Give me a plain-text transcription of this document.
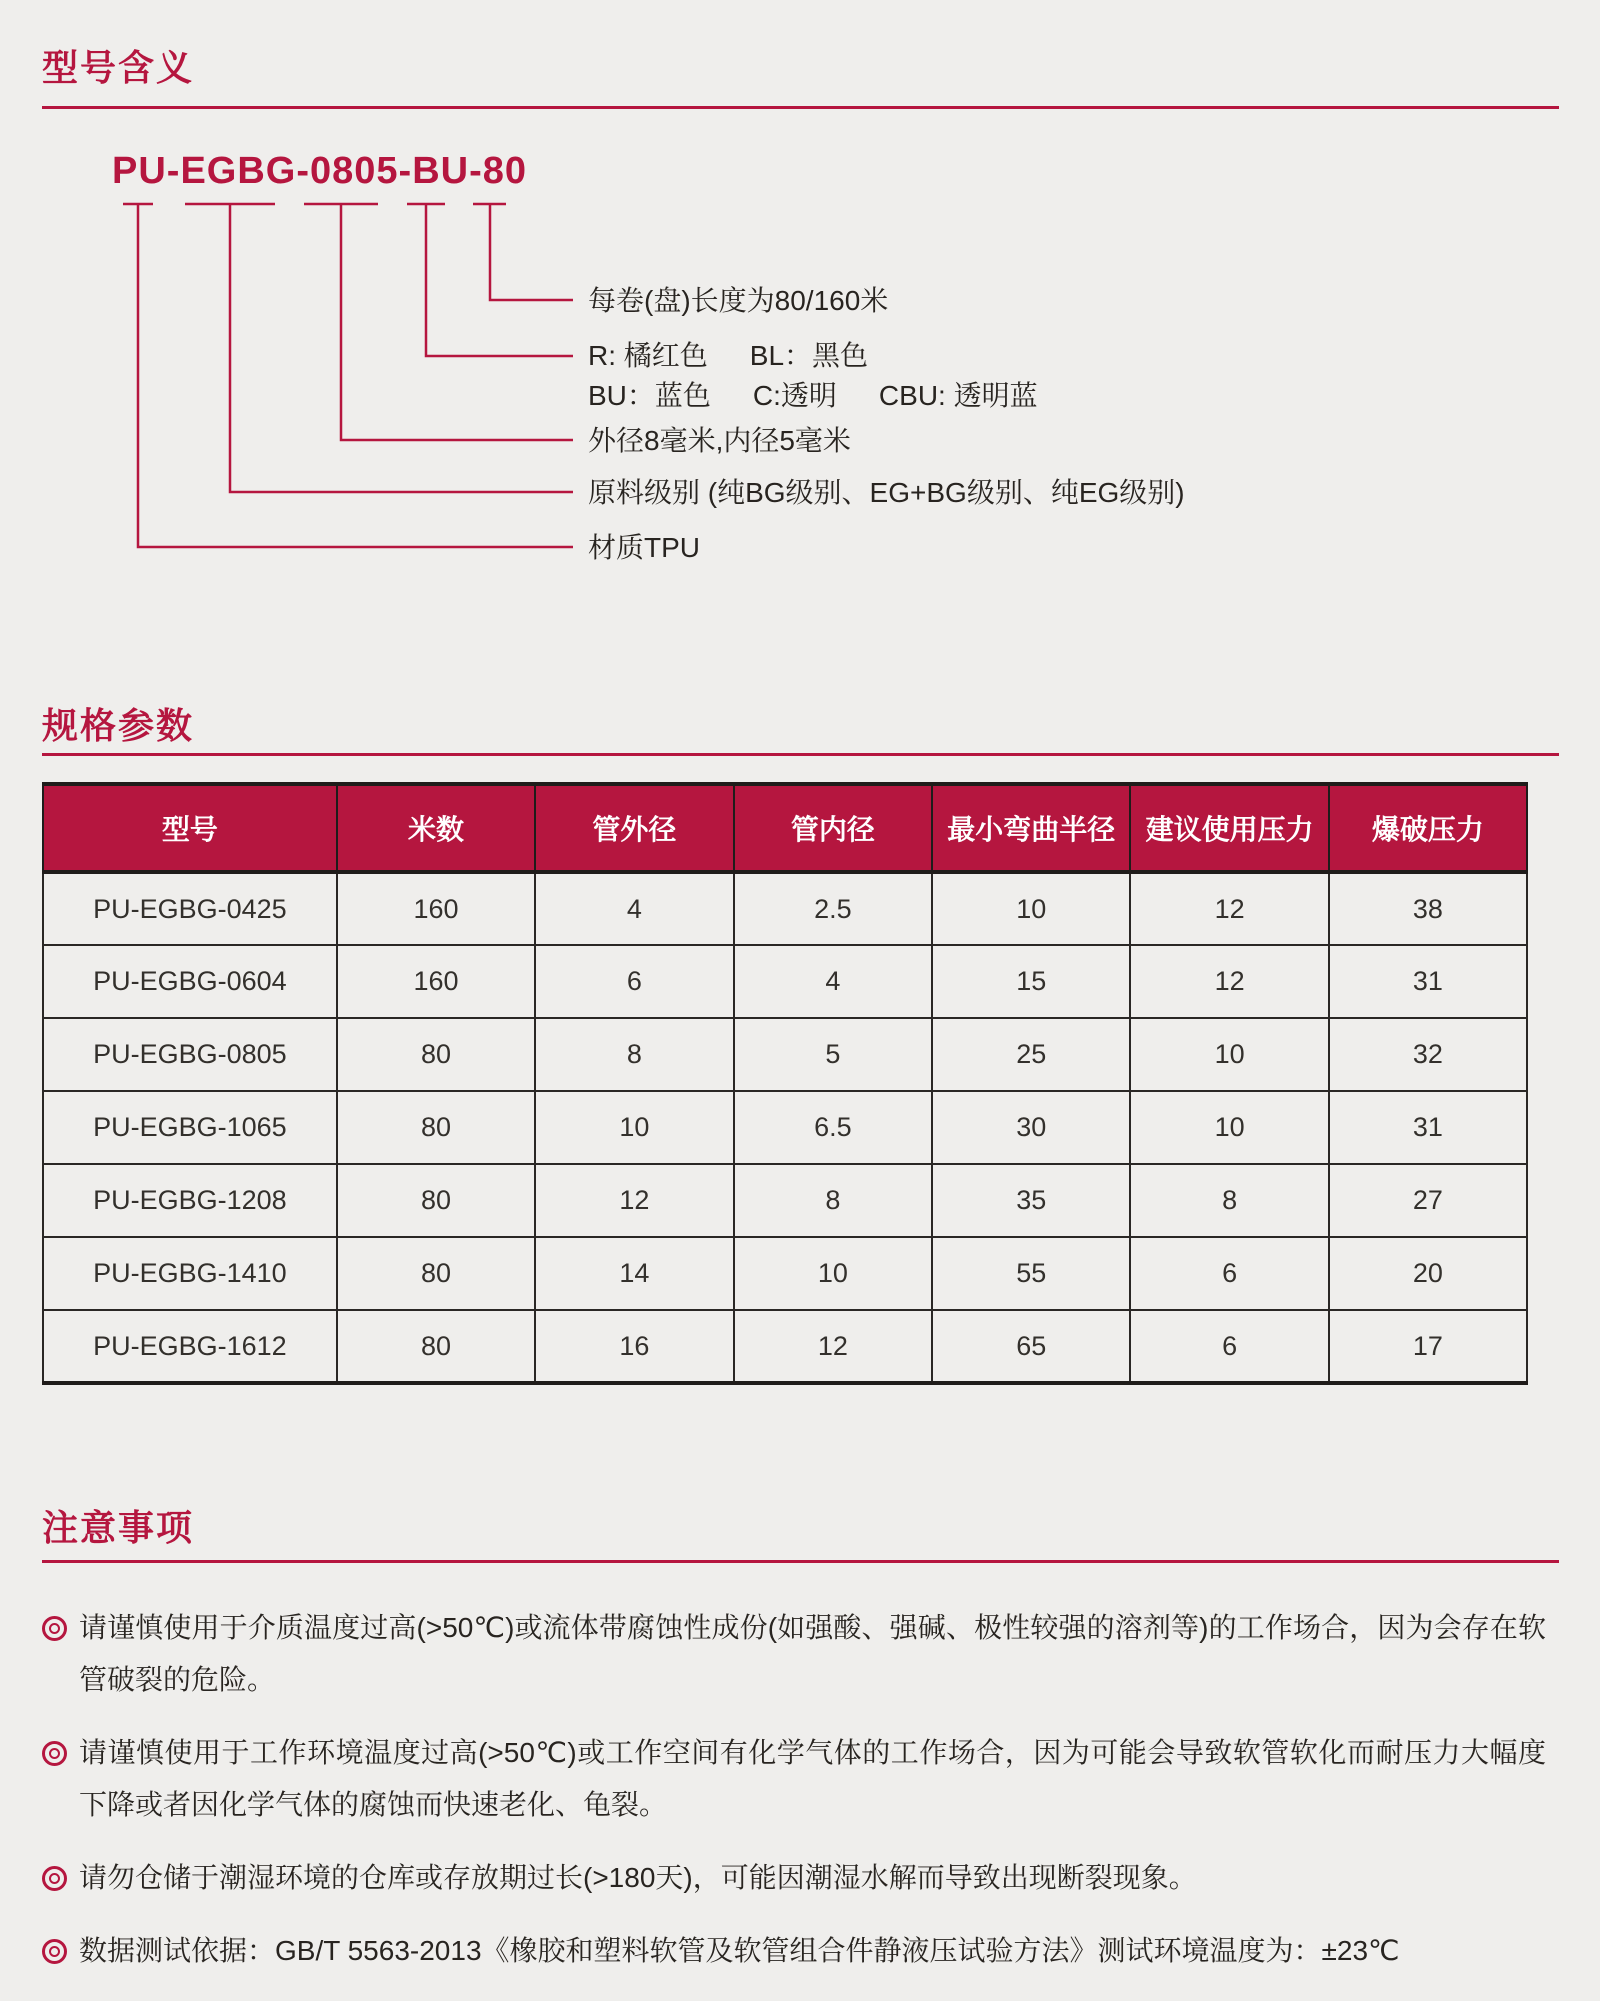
型号含义
PU-EGBG-0805-BU-80
每卷(盘)长度为80/160米
R: 橘红色 BL：黑色
BU：蓝色 C:透明 CBU: 透明蓝
外径8毫米,内径5毫米
原料级别 (纯BG级别、EG+BG级别、纯EG级别)
材质TPU
规格参数
型号	米数	管外径	管内径	最小弯曲半径	建议使用压力	爆破压力
PU-EGBG-0425	160	4	2.5	10	12	38
PU-EGBG-0604	160	6	4	15	12	31
PU-EGBG-0805	80	8	5	25	10	32
PU-EGBG-1065	80	10	6.5	30	10	31
PU-EGBG-1208	80	12	8	35	8	27
PU-EGBG-1410	80	14	10	55	6	20
PU-EGBG-1612	80	16	12	65	6	17
注意事项
请谨慎使用于介质温度过高(>50℃)或流体带腐蚀性成份(如强酸、强碱、极性较强的溶剂等)的工作场合，因为会存在软管破裂的危险。
请谨慎使用于工作环境温度过高(>50℃)或工作空间有化学气体的工作场合，因为可能会导致软管软化而耐压力大幅度下降或者因化学气体的腐蚀而快速老化、龟裂。
请勿仓储于潮湿环境的仓库或存放期过长(>180天)，可能因潮湿水解而导致出现断裂现象。
数据测试依据：GB/T 5563-2013《橡胶和塑料软管及软管组合件静液压试验方法》测试环境温度为：±23℃
